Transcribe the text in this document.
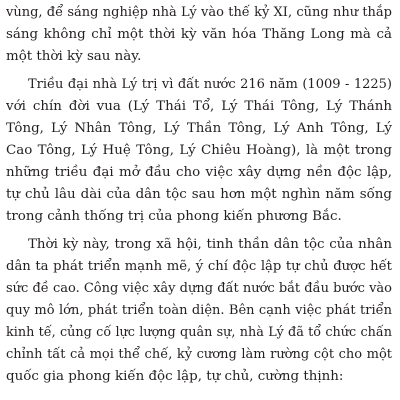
vùng, để sáng nghiệp nhà Lý vào thế kỷ XI, cũng như thắp
sáng không chỉ một thời kỳ văn hóa Thăng Long mà cả
một thời kỳ sau này.
Triều đại nhà Lý trị vì đất nước 216 năm (1009 - 1225)
với chín đời vua (Lý Thái Tổ, Lý Thái Tông, Lý Thánh
Tông, Lý Nhân Tông, Lý Thần Tông, Lý Anh Tông, Lý
Cao Tông, Lý Huệ Tông, Lý Chiêu Hoàng), là một trong
những triều đại mở đầu cho việc xây dựng nền độc lập,
tự chủ lâu dài của dân tộc sau hơn một nghìn năm sống
trong cảnh thống trị của phong kiến phương Bắc.
Thời kỳ này, trong xã hội, tinh thần dân tộc của nhân
dân ta phát triển mạnh mẽ, ý chí độc lập tự chủ được hết
sức đề cao. Công việc xây dựng đất nước bắt đầu bước vào
quy mô lớn, phát triển toàn diện. Bên cạnh việc phát triển
kinh tế, củng cố lực lượng quân sự, nhà Lý đã tổ chức chấn
chỉnh tất cả mọi thể chế, kỷ cương làm rường cột cho một
quốc gia phong kiến độc lập, tự chủ, cường thịnh:
